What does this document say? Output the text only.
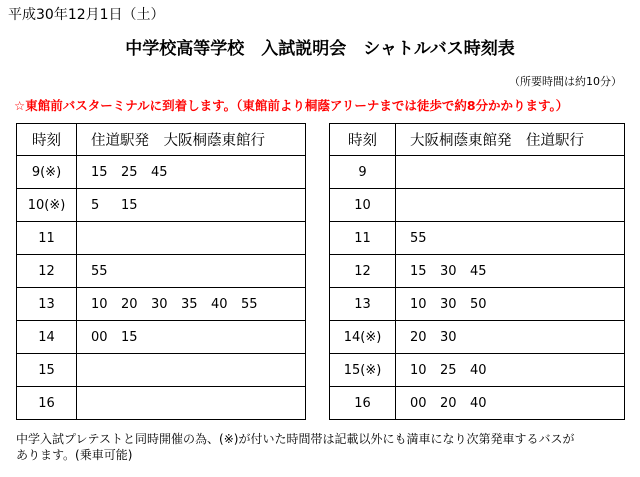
平成30年12月1日（土）
中学校高等学校　入試説明会　シャトルバス時刻表
（所要時間は約10分）
☆東館前バスターミナルに到着します。（東館前より桐蔭アリーナまでは徒歩で約8分かかります。）
時刻	住道駅発　大阪桐蔭東館行
9(※)	15 25 45
10(※)	5 15
11	
12	55
13	10 20 30 35 40 55
14	00 15
15	
16	
時刻	大阪桐蔭東館発　住道駅行
9	
10	
11	55
12	15 30 45
13	10 30 50
14(※)	20 30
15(※)	10 25 40
16	00 20 40
中学入試プレテストと同時開催の為、(※)が付いた時間帯は記載以外にも満車になり次第発車するバスが
あります。(乗車可能)
